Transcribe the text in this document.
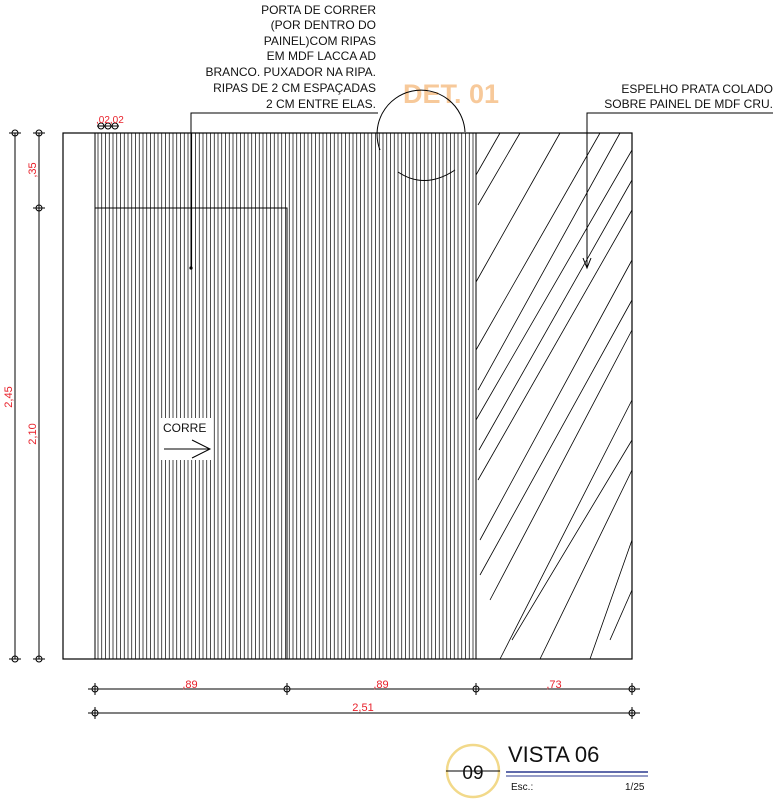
CORRE
PORTA DE CORRER
(POR DENTRO DO
PAINEL)COM RIPAS
EM MDF LACCA AD
BRANCO. PUXADOR NA RIPA.
RIPAS DE 2 CM ESPAÇADAS
2 CM ENTRE ELAS. DET. 01	ESPELHO PRATA COLADO
SOBRE PAINEL DE MDF CRU.
2,45
,35
2,10
,02,02
,89	,89	,73
2,51
09
VISTA 06
Esc.:	1/25
